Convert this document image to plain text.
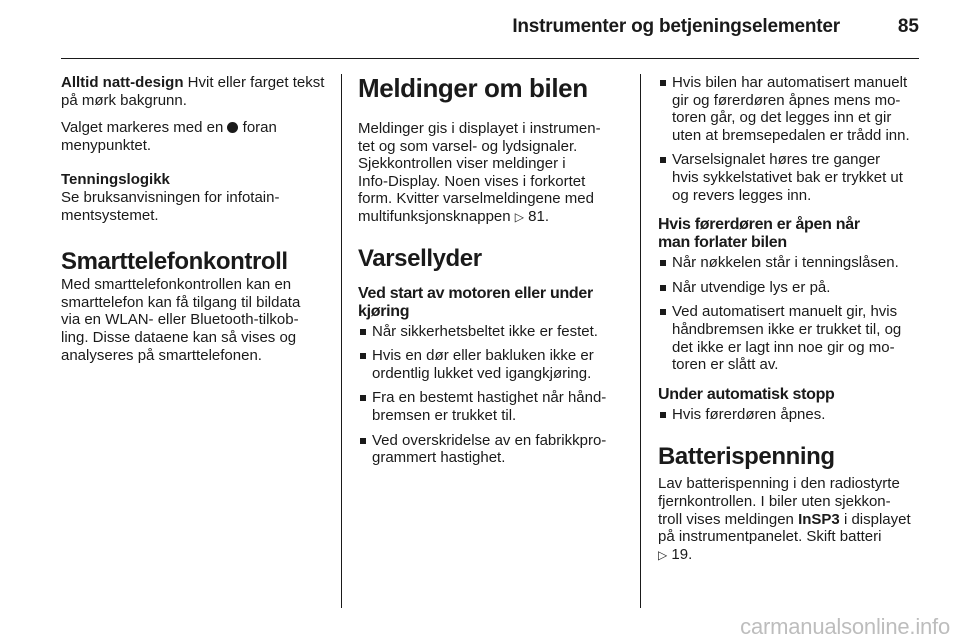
Instrumenter og betjeningselementer	85

Alltid natt-design Hvit eller farget tekst
på mørk bakgrunn.

Valget markeres med en foran
menypunktet.

Tenningslogikk
Se bruksanvisningen for infotain-
mentsystemet.

Smarttelefonkontroll

Med smarttelefonkontrollen kan en
smarttelefon kan få tilgang til bildata
via en WLAN- eller Bluetooth-tilkob-
ling. Disse dataene kan så vises og
analyseres på smarttelefonen.

Meldinger om bilen

Meldinger gis i displayet i instrumen-
tet og som varsel- og lydsignaler.
Sjekkontrollen viser meldinger i
Info-Display. Noen vises i forkortet
form. Kvitter varselmeldingene med
multifunksjonsknappen ▷ 81.

Varsellyder
Ved start av motoren eller under
kjøring
Når sikkerhetsbeltet ikke er festet.
Hvis en dør eller bakluken ikke er
ordentlig lukket ved igangkjøring.
Fra en bestemt hastighet når hånd-
bremsen er trukket til.
Ved overskridelse av en fabrikkpro-
grammert hastighet.
Hvis bilen har automatisert manuelt
gir og førerdøren åpnes mens mo-
toren går, og det legges inn et gir
uten at bremsepedalen er trådd inn.
Varselsignalet høres tre ganger
hvis sykkelstativet bak er trykket ut
og revers legges inn.
Hvis førerdøren er åpen når
man forlater bilen
Når nøkkelen står i tenningslåsen.
Når utvendige lys er på.
Ved automatisert manuelt gir, hvis
håndbremsen ikke er trukket til, og
det ikke er lagt inn noe gir og mo-
toren er slått av.
Under automatisk stopp
Hvis førerdøren åpnes.
Batterispenning

Lav batterispenning i den radiostyrte
fjernkontrollen. I biler uten sjekkon-
troll vises meldingen InSP3 i displayet
på instrumentpanelet. Skift batteri
▷ 19.

carmanualsonline.info
